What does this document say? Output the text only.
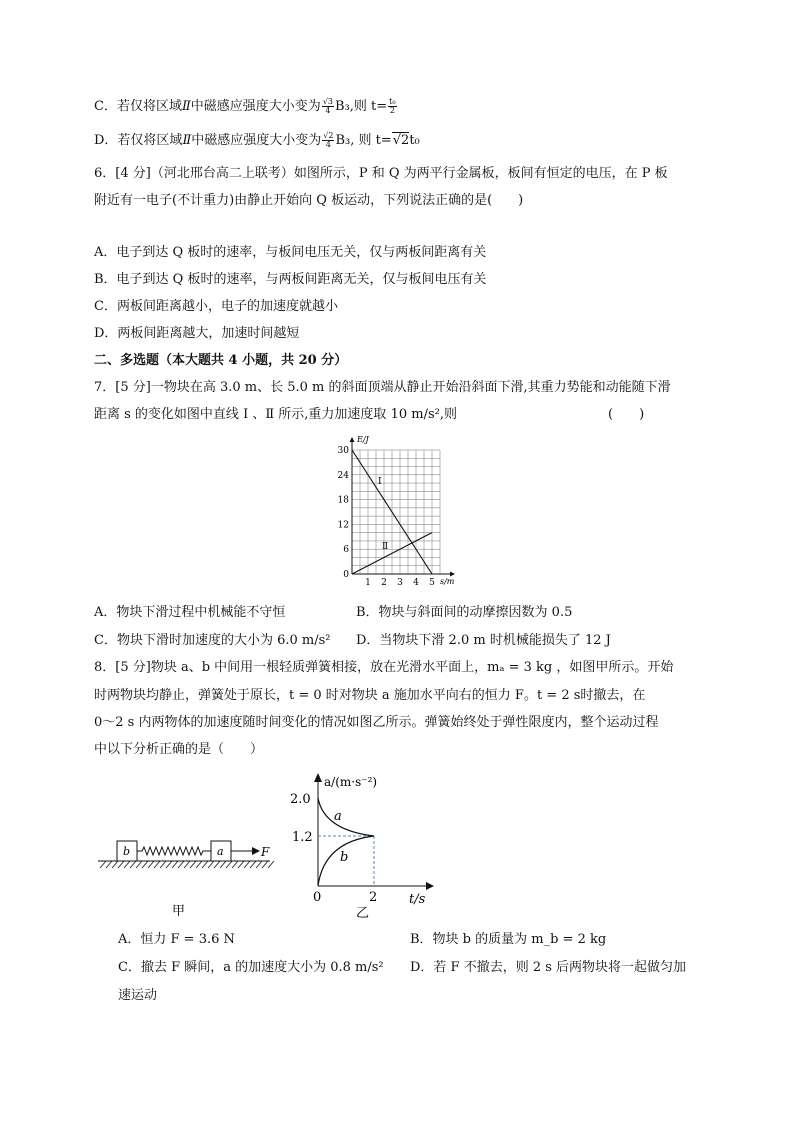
C．若仅将区域Ⅱ中磁感应强度大小变为 $\frac{√3}{4} B_3$,则 $t= \frac{\text{t₀}}{2}$
D．若仅将区域Ⅱ中磁感应强度大小变为 $\frac{√2}{4} B_3$, 则 t=√2t₀
6．[4 分]（河北邢台高二上联考）如图所示，P 和 Q 为两平行金属板，板间有恒定的电压，在 P 板
附近有一电子(不计重力)由静止开始向 Q 板运动，下列说法正确的是(　　)
A．电子到达 Q 板时的速率，与板间电压无关，仅与两板间距离有关
B．电子到达 Q 板时的速率，与两板间距离无关，仅与板间电压有关
C．两板间距离越小，电子的加速度就越小
D．两板间距离越大，加速时间越短
二、多选题（本大题共 4 小题，共 20 分）
7．[5 分]一物块在高 3.0 m、长 5.0 m 的斜面顶端从静止开始沿斜面下滑,其重力势能和动能随下滑
距离 s 的变化如图中直线 Ⅰ 、Ⅱ 所示,重力加速度取 10 m/s²,则	(　　)
E/J
s/m
30
24
18
12
6
0
1 2 3 4 5
Ⅰ
Ⅱ
A．物块下滑过程中机械能不守恒	B．物块与斜面间的动摩擦因数为 0.5
C．物块下滑时加速度的大小为 6.0 m/s² D．当物块下滑 2.0 m 时机械能损失了 12 J
8．[5 分]物块 a、b 中间用一根轻质弹簧相接，放在光滑水平面上，mₐ = 3 kg ，如图甲所示。开始
时两物块均静止，弹簧处于原长，t = 0 时对物块 a 施加水平向右的恒力 F。t = 2 s时撤去，在
0～2 s 内两物体的加速度随时间变化的情况如图乙所示。弹簧始终处于弹性限度内，整个运动过程
中以下分析正确的是（　　）
b	a	F
甲
a/(m·s⁻²)
t/s
2.0
1.2
0	2
a
b
乙
A．恒力 F = 3.6 N	B．物块 b 的质量为 m_b = 2 kg
C．撤去 F 瞬间，a 的加速度大小为 0.8 m/s² D．若 F 不撤去，则 2 s 后两物块将一起做匀加
速运动
